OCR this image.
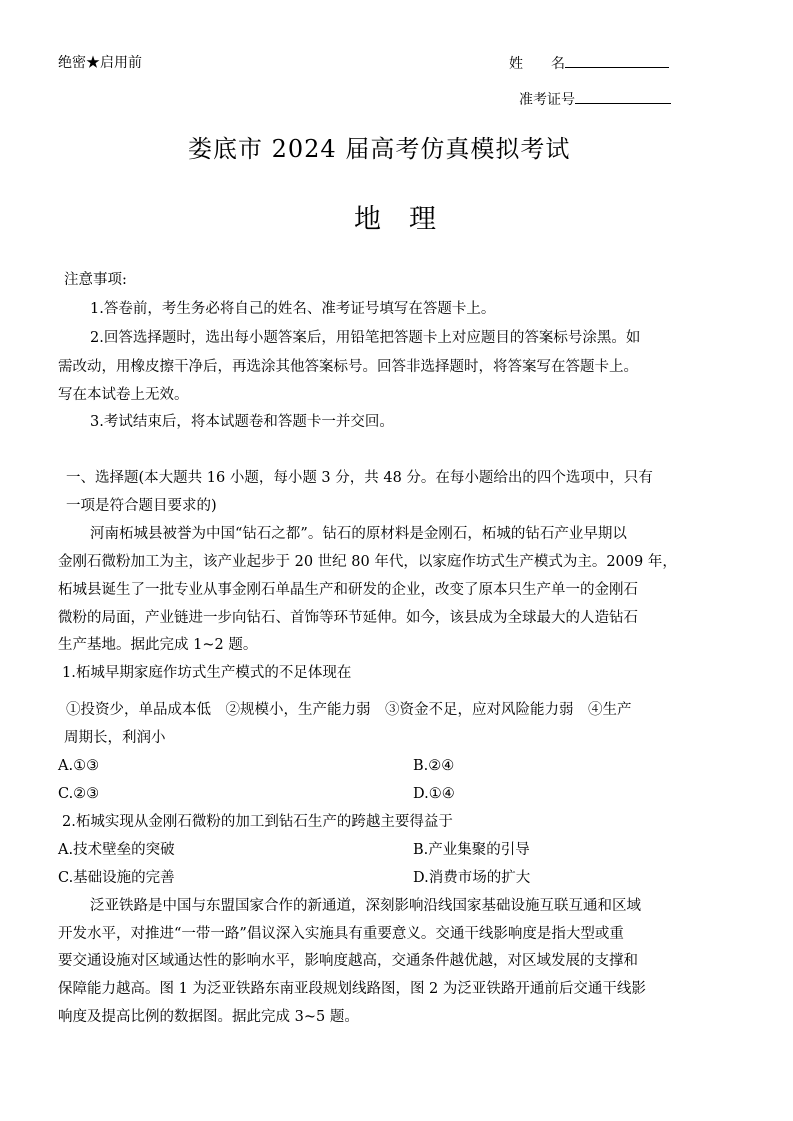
绝密★启用前	姓　　名
准考证号
娄底市 2024 届高考仿真模拟考试
地理
注意事项:
1.答卷前，考生务必将自己的姓名、准考证号填写在答题卡上。
2.回答选择题时，选出每小题答案后，用铅笔把答题卡上对应题目的答案标号涂黑。如
需改动，用橡皮擦干净后，再选涂其他答案标号。回答非选择题时，将答案写在答题卡上。
写在本试卷上无效。
3.考试结束后，将本试题卷和答题卡一并交回。
一、选择题(本大题共 16 小题，每小题 3 分，共 48 分。在每小题给出的四个选项中，只有
一项是符合题目要求的)
河南柘城县被誉为中国“钻石之都”。钻石的原材料是金刚石，柘城的钻石产业早期以
金刚石微粉加工为主，该产业起步于 20 世纪 80 年代，以家庭作坊式生产模式为主。2009 年，
柘城县诞生了一批专业从事金刚石单晶生产和研发的企业，改变了原本只生产单一的金刚石
微粉的局面，产业链进一步向钻石、首饰等环节延伸。如今，该县成为全球最大的人造钻石
生产基地。据此完成 1~2 题。
1.柘城早期家庭作坊式生产模式的不足体现在
①投资少，单品成本低　②规模小，生产能力弱　③资金不足，应对风险能力弱　④生产
周期长，利润小
A.①③	B.②④
C.②③	D.①④
2.柘城实现从金刚石微粉的加工到钻石生产的跨越主要得益于
A.技术壁垒的突破	B.产业集聚的引导
C.基础设施的完善	D.消费市场的扩大
泛亚铁路是中国与东盟国家合作的新通道，深刻影响沿线国家基础设施互联互通和区域
开发水平，对推进“一带一路”倡议深入实施具有重要意义。交通干线影响度是指大型或重
要交通设施对区域通达性的影响水平，影响度越高，交通条件越优越，对区域发展的支撑和
保障能力越高。图 1 为泛亚铁路东南亚段规划线路图，图 2 为泛亚铁路开通前后交通干线影
响度及提高比例的数据图。据此完成 3~5 题。
